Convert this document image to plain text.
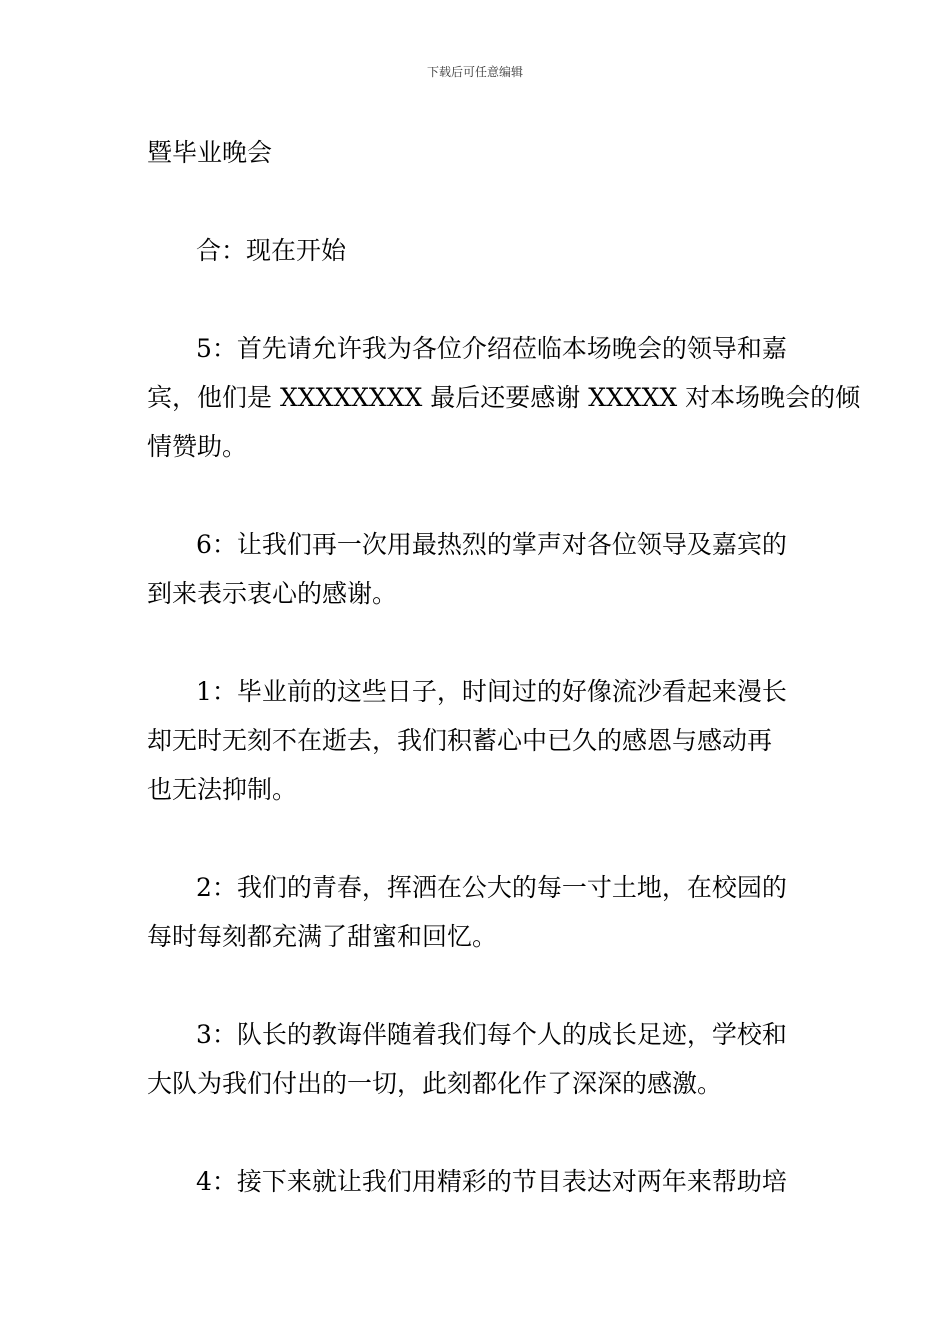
下载后可任意编辑
暨毕业晚会
合：现在开始
5：首先请允许我为各位介绍莅临本场晚会的领导和嘉
宾，他们是 XXXXXXXX 最后还要感谢 XXXXX 对本场晚会的倾
情赞助。
6：让我们再一次用最热烈的掌声对各位领导及嘉宾的
到来表示衷心的感谢。
1：毕业前的这些日子，时间过的好像流沙看起来漫长
却无时无刻不在逝去，我们积蓄心中已久的感恩与感动再
也无法抑制。
2：我们的青春，挥洒在公大的每一寸土地，在校园的
每时每刻都充满了甜蜜和回忆。
3：队长的教诲伴随着我们每个人的成长足迹，学校和
大队为我们付出的一切，此刻都化作了深深的感激。
4：接下来就让我们用精彩的节目表达对两年来帮助培
